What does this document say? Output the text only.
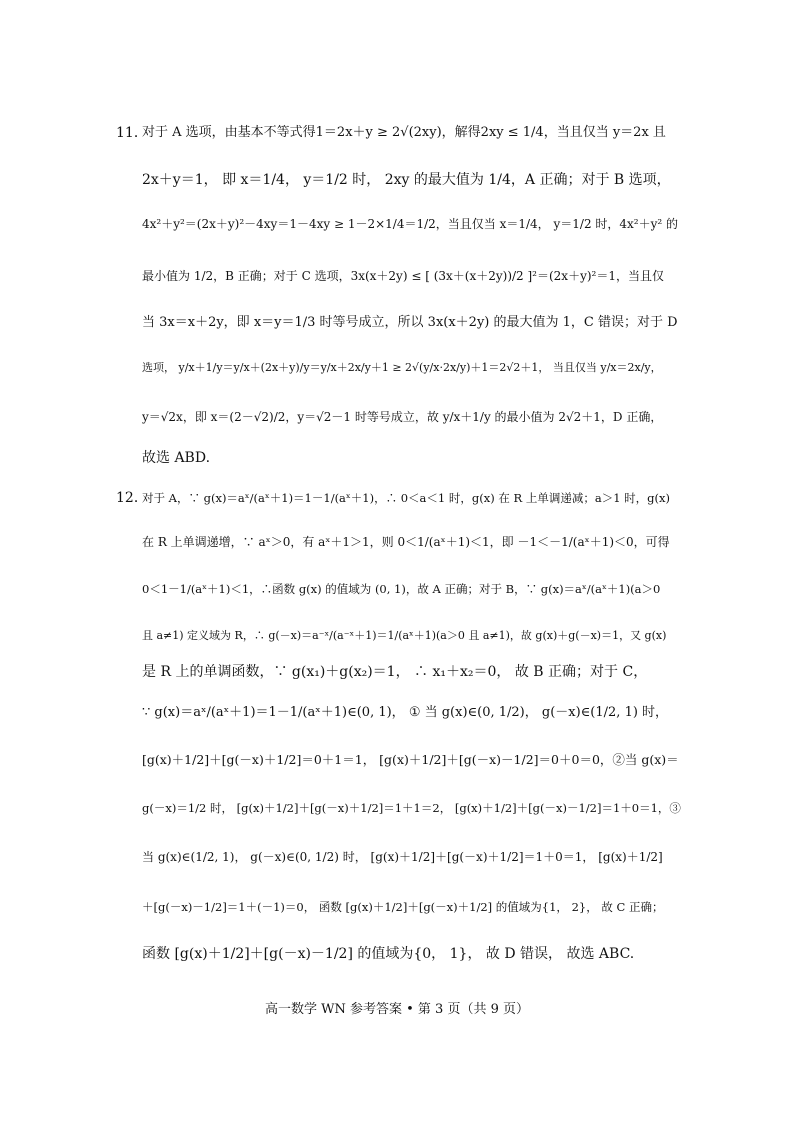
11．
对于 A 选项，由基本不等式得1＝2x＋y ≥ 2√(2xy)，解得2xy ≤ 1/4，当且仅当 y＝2x 且
2x＋y＝1， 即 x＝1/4， y＝1/2 时， 2xy 的最大值为 1/4，A 正确；对于 B 选项，
4x²＋y²＝(2x＋y)²－4xy＝1－4xy ≥ 1－2×1/4＝1/2，当且仅当 x＝1/4， y＝1/2 时，4x²＋y² 的
最小值为 1/2，B 正确；对于 C 选项，3x(x＋2y) ≤ [ (3x＋(x＋2y))/2 ]²＝(2x＋y)²＝1，当且仅
当 3x＝x＋2y，即 x＝y＝1/3 时等号成立，所以 3x(x＋2y) 的最大值为 1，C 错误；对于 D
选项， y/x＋1/y＝y/x＋(2x＋y)/y＝y/x＋2x/y＋1 ≥ 2√(y/x·2x/y)＋1＝2√2＋1， 当且仅当 y/x＝2x/y，
y＝√2x，即 x＝(2－√2)/2，y＝√2－1 时等号成立，故 y/x＋1/y 的最小值为 2√2＋1，D 正确，
故选 ABD.
12．
对于 A，∵ g(x)＝aˣ/(aˣ＋1)＝1－1/(aˣ＋1)，∴ 0＜a＜1 时，g(x) 在 R 上单调递减；a＞1 时，g(x)
在 R 上单调递增，∵ aˣ＞0，有 aˣ＋1＞1，则 0＜1/(aˣ＋1)＜1，即 －1＜－1/(aˣ＋1)＜0，可得
0＜1－1/(aˣ＋1)＜1，∴函数 g(x) 的值域为 (0, 1)，故 A 正确；对于 B，∵ g(x)＝aˣ/(aˣ＋1)(a＞0
且 a≠1) 定义域为 R，∴ g(－x)＝a⁻ˣ/(a⁻ˣ＋1)＝1/(aˣ＋1)(a＞0 且 a≠1)，故 g(x)＋g(－x)＝1，又 g(x)
是 R 上的单调函数，∵ g(x₁)＋g(x₂)＝1， ∴ x₁＋x₂＝0， 故 B 正确；对于 C，
∵ g(x)＝aˣ/(aˣ＋1)＝1－1/(aˣ＋1)∈(0, 1)， ① 当 g(x)∈(0, 1/2)， g(－x)∈(1/2, 1) 时，
[g(x)＋1/2]＋[g(－x)＋1/2]＝0＋1＝1， [g(x)＋1/2]＋[g(－x)－1/2]＝0＋0＝0，②当 g(x)＝
g(－x)＝1/2 时， [g(x)＋1/2]＋[g(－x)＋1/2]＝1＋1＝2， [g(x)＋1/2]＋[g(－x)－1/2]＝1＋0＝1，③
当 g(x)∈(1/2, 1)， g(－x)∈(0, 1/2) 时， [g(x)＋1/2]＋[g(－x)＋1/2]＝1＋0＝1， [g(x)＋1/2]
＋[g(－x)－1/2]＝1＋(－1)＝0， 函数 [g(x)＋1/2]＋[g(－x)＋1/2] 的值域为{1， 2}， 故 C 正确；
函数 [g(x)＋1/2]＋[g(－x)－1/2] 的值域为{0， 1}， 故 D 错误， 故选 ABC.
高一数学 WN 参考答案 • 第 3 页（共 9 页）
